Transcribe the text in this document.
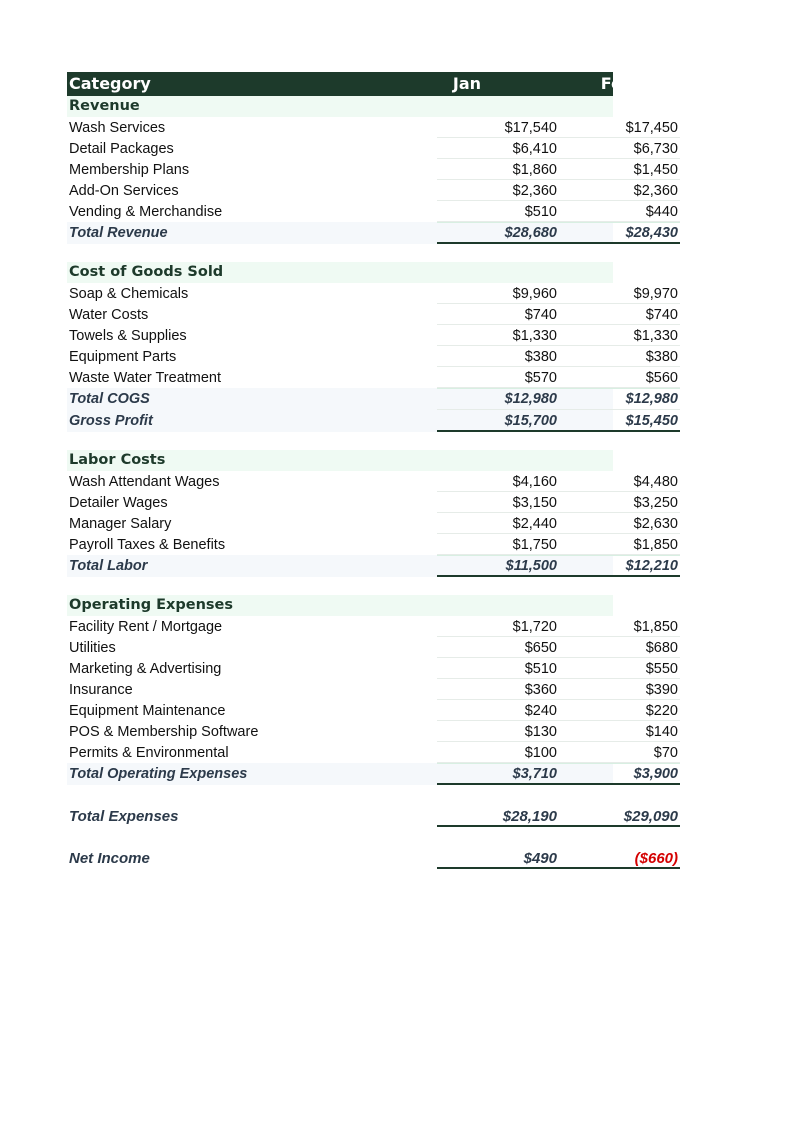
Category	Jan	Feb
Revenue
Wash Services	$17,540	$17,450
Detail Packages	$6,410	$6,730
Membership Plans	$1,860	$1,450
Add-On Services	$2,360	$2,360
Vending & Merchandise	$510	$440
Total Revenue	$28,680	$28,430
Cost of Goods Sold
Soap & Chemicals	$9,960	$9,970
Water Costs	$740	$740
Towels & Supplies	$1,330	$1,330
Equipment Parts	$380	$380
Waste Water Treatment	$570	$560
Total COGS	$12,980	$12,980
Gross Profit	$15,700	$15,450
Labor Costs
Wash Attendant Wages	$4,160	$4,480
Detailer Wages	$3,150	$3,250
Manager Salary	$2,440	$2,630
Payroll Taxes & Benefits	$1,750	$1,850
Total Labor	$11,500	$12,210
Operating Expenses
Facility Rent / Mortgage	$1,720	$1,850
Utilities	$650	$680
Marketing & Advertising	$510	$550
Insurance	$360	$390
Equipment Maintenance	$240	$220
POS & Membership Software	$130	$140
Permits & Environmental	$100	$70
Total Operating Expenses	$3,710	$3,900
Total Expenses	$28,190	$29,090
Net Income	$490	($660)
